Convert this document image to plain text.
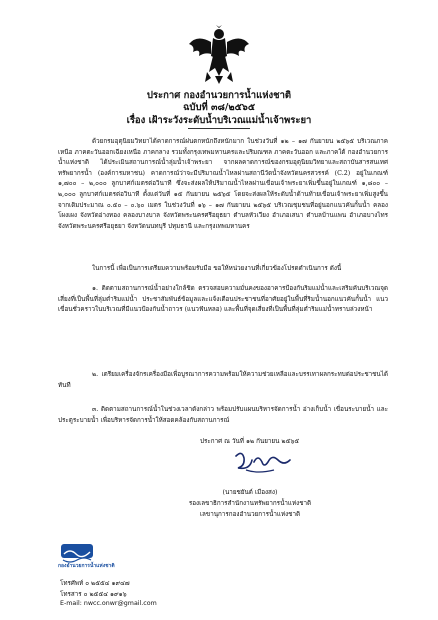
ประกาศ กองอำนวยการน้ำแห่งชาติ
ฉบับที่ ๓๘/๒๕๖๕
เรื่อง เฝ้าระวังระดับน้ำบริเวณแม่น้ำเจ้าพระยา
ด้วยกรมอุตุนิยมวิทยาได้คาดการณ์ฝนตกหนักถึงหนักมาก ในช่วงวันที่ ๑๒ – ๑๗ กันยายน ๒๕๖๕ บริเวณภาคเหนือ ภาคตะวันออกเฉียงเหนือ ภาคกลาง รวมทั้งกรุงเทพมหานครและปริมณฑล ภาคตะวันออก และภาคใต้ กองอำนวยการน้ำแห่งชาติ ได้ประเมินสถานการณ์น้ำลุ่มน้ำเจ้าพระยา จากผลคาดการณ์ของกรมอุตุนิยมวิทยาและสถาบันสารสนเทศทรัพยากรน้ำ (องค์การมหาชน) คาดการณ์ว่าจะมีปริมาณน้ำไหลผ่านสถานีวัดน้ำจังหวัดนครสวรรค์ (C.2) อยู่ในเกณฑ์ ๑,๗๐๐ – ๒,๐๐๐ ลูกบาศก์เมตรต่อวินาที ซึ่งจะส่งผลให้ปริมาณน้ำไหลผ่านเขื่อนเจ้าพระยาเพิ่มขึ้นอยู่ในเกณฑ์ ๑,๘๐๐ – ๒,๐๐๐ ลูกบาศก์เมตรต่อวินาที ตั้งแต่วันที่ ๑๕ กันยายน ๒๕๖๕ โดยจะส่งผลให้ระดับน้ำด้านท้ายเขื่อนเจ้าพระยาเพิ่มสูงขึ้นจากเดิมประมาณ ๐.๕๐ – ๐.๖๐ เมตร ในช่วงวันที่ ๑๖ – ๑๗ กันยายน ๒๕๖๕ บริเวณชุมชนที่อยู่นอกแนวคันกั้นน้ำ คลองโผงเผง จังหวัดอ่างทอง คลองบางบาล จังหวัดพระนครศรีอยุธยา ตำบลหัวเวียง อำเภอเสนา ตำบลบ้านแพน อำเภอบางไทร จังหวัดพระนครศรีอยุธยา จังหวัดนนทบุรี ปทุมธานี และกรุงเทพมหานคร
ในการนี้ เพื่อเป็นการเตรียมความพร้อมรับมือ ขอให้หน่วยงานที่เกี่ยวข้องโปรดดำเนินการ ดังนี้
๑. ติดตามสถานการณ์น้ำอย่างใกล้ชิด ตรวจสอบความมั่นคงของอาคารป้องกันริมแม่น้ำและเสริมคันบริเวณจุดเสี่ยงที่เป็นพื้นที่ลุ่มต่ำริมแม่น้ำ ประชาสัมพันธ์ข้อมูลและแจ้งเตือนประชาชนที่อาศัยอยู่ในพื้นที่ริมน้ำนอกแนวคันกั้นน้ำ แนวเขื่อนชั่วคราวในบริเวณที่มีแนวป้องกันน้ำถาวร (แนวฟันหลอ) และพื้นที่จุดเสี่ยงที่เป็นพื้นที่ลุ่มต่ำริมแม่น้ำทราบล่วงหน้า
๒. เตรียมเครื่องจักรเครื่องมือเพื่อบูรณาการความพร้อมให้ความช่วยเหลือและบรรเทาผลกระทบต่อประชาชนได้ทันที
๓. ติดตามสถานการณ์น้ำในช่วงเวลาดังกล่าว พร้อมปรับแผนบริหารจัดการน้ำ อ่างเก็บน้ำ เขื่อนระบายน้ำ และประตูระบายน้ำ เพื่อบริหารจัดการน้ำให้สอดคล้องกับสถานการณ์
ประกาศ ณ วันที่ ๑๒ กันยายน ๒๕๖๕
(นายชยันต์ เมืองสง)
รองเลขาธิการสำนักงานทรัพยากรน้ำแห่งชาติ
เลขานุการกองอำนวยการน้ำแห่งชาติ
กองอำนวยการน้ำแห่งชาติ
โทรศัพท์ ๐ ๒๕๕๔ ๑๙๔๗
โทรสาร ๐ ๒๕๕๔ ๑๙๑๖
E-mail: nwcc.onwr@gmail.com
